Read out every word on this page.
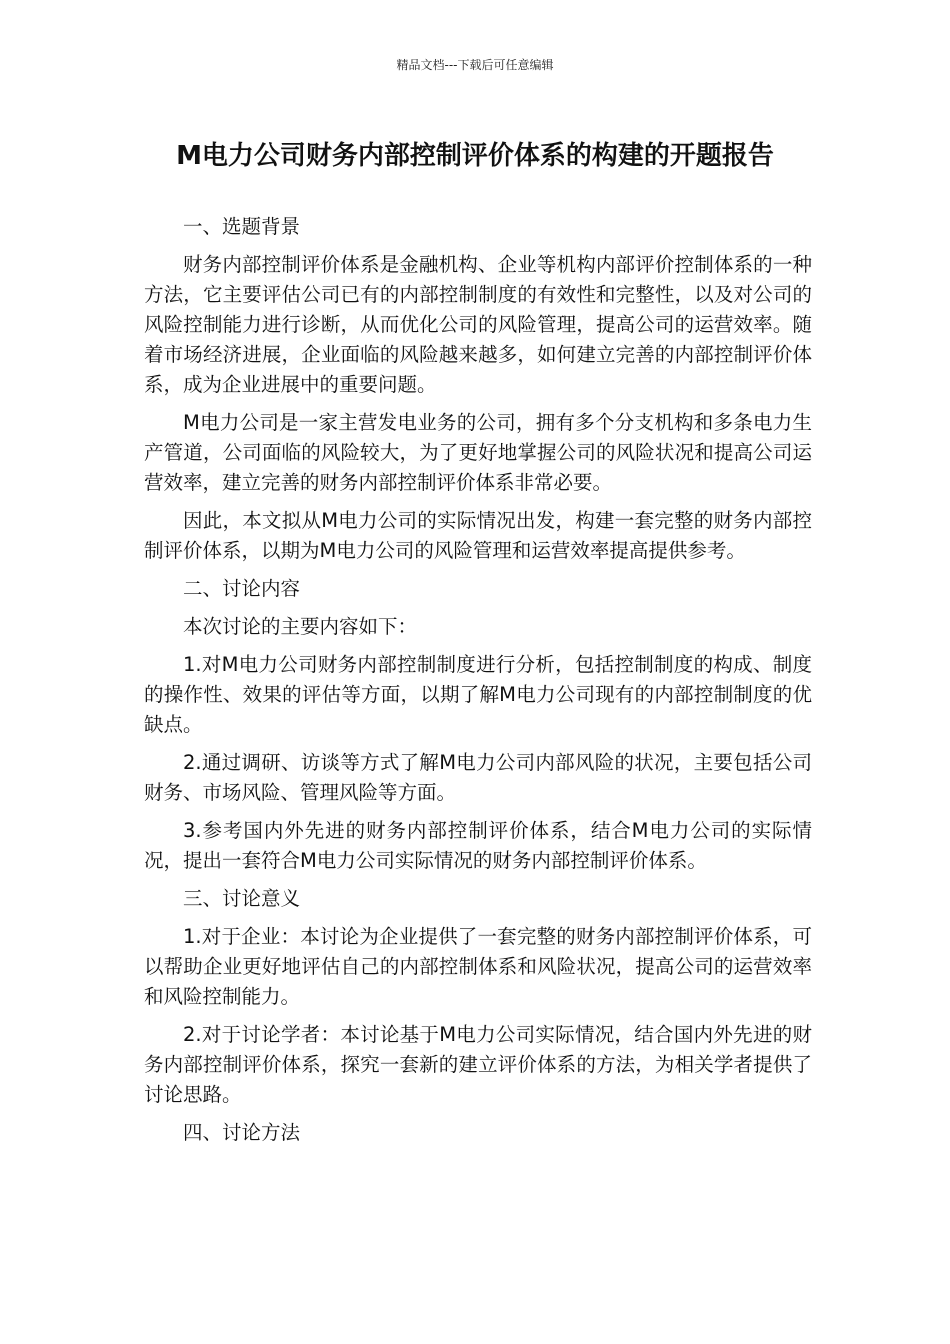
精品文档---下载后可任意编辑
M电力公司财务内部控制评价体系的构建的开题报告

一、选题背景

财务内部控制评价体系是金融机构、企业等机构内部评价控制体系的一种方法，它主要评估公司已有的内部控制制度的有效性和完整性，以及对公司的风险控制能力进行诊断，从而优化公司的风险管理，提高公司的运营效率。随着市场经济进展，企业面临的风险越来越多，如何建立完善的内部控制评价体系，成为企业进展中的重要问题。

M电力公司是一家主营发电业务的公司，拥有多个分支机构和多条电力生产管道，公司面临的风险较大，为了更好地掌握公司的风险状况和提高公司运营效率，建立完善的财务内部控制评价体系非常必要。

因此，本文拟从M电力公司的实际情况出发，构建一套完整的财务内部控制评价体系，以期为M电力公司的风险管理和运营效率提高提供参考。

二、讨论内容

本次讨论的主要内容如下：

1.对M电力公司财务内部控制制度进行分析，包括控制制度的构成、制度的操作性、效果的评估等方面，以期了解M电力公司现有的内部控制制度的优缺点。

2.通过调研、访谈等方式了解M电力公司内部风险的状况，主要包括公司财务、市场风险、管理风险等方面。

3.参考国内外先进的财务内部控制评价体系，结合M电力公司的实际情况，提出一套符合M电力公司实际情况的财务内部控制评价体系。

三、讨论意义

1.对于企业：本讨论为企业提供了一套完整的财务内部控制评价体系，可以帮助企业更好地评估自己的内部控制体系和风险状况，提高公司的运营效率和风险控制能力。

2.对于讨论学者：本讨论基于M电力公司实际情况，结合国内外先进的财务内部控制评价体系，探究一套新的建立评价体系的方法，为相关学者提供了讨论思路。

四、讨论方法
